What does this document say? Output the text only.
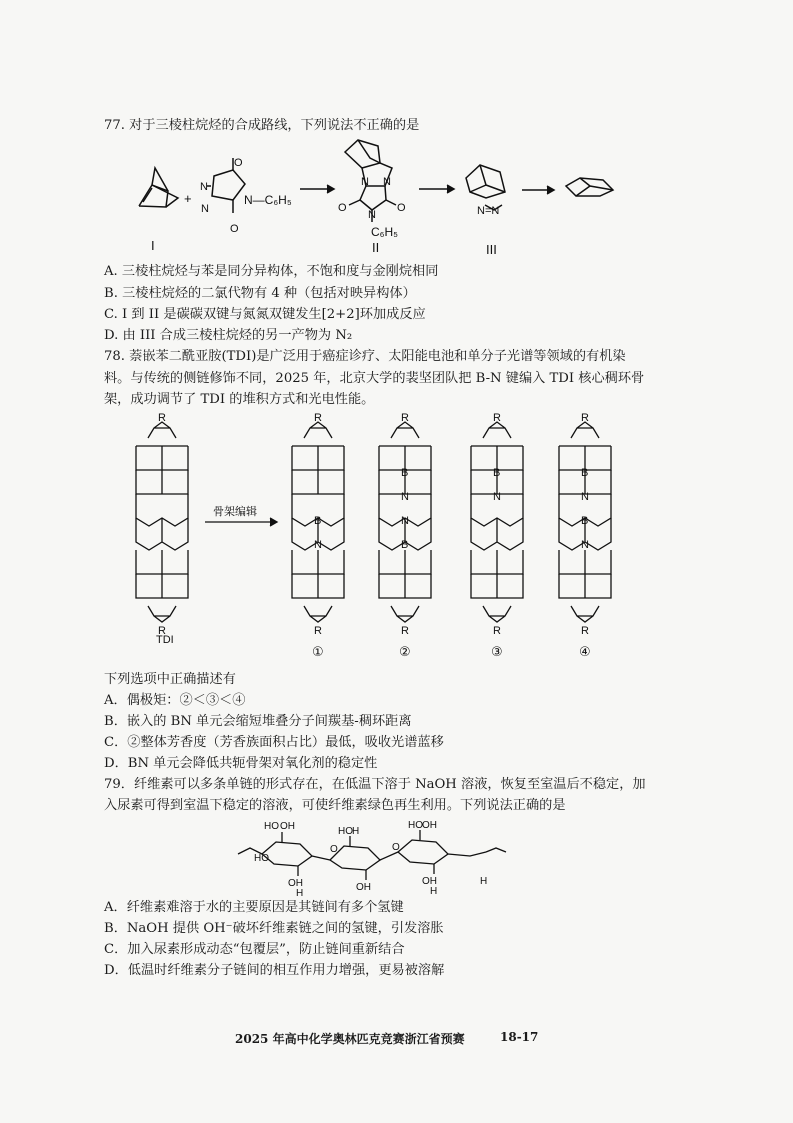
77. 对于三棱柱烷烃的合成路线，下列说法不正确的是
+
N
N
O
O
N—C₆H₅
N N
O	O
N
C₆H₅
N=N
I	II	III
A. 三棱柱烷烃与苯是同分异构体，不饱和度与金刚烷相同
B. 三棱柱烷烃的二氯代物有 4 种（包括对映异构体）
C. I 到 II 是碳碳双键与氮氮双键发生[2+2]环加成反应
D. 由 III 合成三棱柱烷烃的另一产物为 N₂
78. 萘嵌苯二酰亚胺(TDI)是广泛用于癌症诊疗、太阳能电池和单分子光谱等领域的有机染
料。与传统的侧链修饰不同，2025 年，北京大学的裴坚团队把 B-N 键编入 TDI 核心稠环骨
架，成功调节了 TDI 的堆积方式和光电性能。
骨架编辑
TDI
R
R
R
R
R
R
R
R
R
R
B
N
B
N
N
B
B
N
B
N
B
N
①	②	③	④
下列选项中正确描述有
A．偶极矩：②＜③＜④
B．嵌入的 BN 单元会缩短堆叠分子间羰基-稠环距离
C．②整体芳香度（芳香族面积占比）最低，吸收光谱蓝移
D．BN 单元会降低共轭骨架对氧化剂的稳定性
79．纤维素可以多条单链的形式存在，在低温下溶于 NaOH 溶液，恢复至室温后不稳定，加
入尿素可得到室温下稳定的溶液，可使纤维素绿色再生利用。下列说法正确的是
HO OH
HO
OH
H
HO H
O
OH
HO OH
O
OH
H
H
A．纤维素难溶于水的主要原因是其链间有多个氢键
B．NaOH 提供 OH⁻破坏纤维素链之间的氢键，引发溶胀
C．加入尿素形成动态“包覆层”，防止链间重新结合
D．低温时纤维素分子链间的相互作用力增强，更易被溶解
2025 年高中化学奥林匹克竞赛浙江省预赛	18-17
